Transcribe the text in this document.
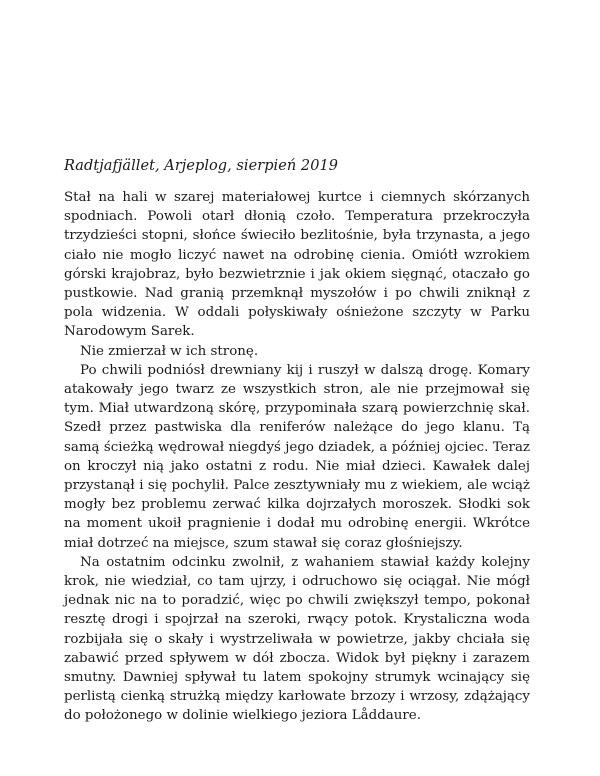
Radtjafjället, Arjeplog, sierpień 2019

Stał na hali w szarej materiałowej kurtce i ciemnych skórzanych spodniach. Powoli otarł dłonią czoło. Temperatura przekroczyła trzydzieści stopni, słońce świeciło bezlitośnie, była trzynasta, a jego ciało nie mogło liczyć nawet na odrobinę cienia. Omiótł wzrokiem górski krajobraz, było bezwietrznie i jak okiem sięgnąć, otaczało go pustkowie. Nad granią przemknął myszołów i po chwili zniknął z pola widzenia. W oddali połyskiwały ośnieżone szczyty w Parku Narodowym Sarek.

Nie zmierzał w ich stronę.

Po chwili podniósł drewniany kij i ruszył w dalszą drogę. Komary atakowały jego twarz ze wszystkich stron, ale nie przejmował się tym. Miał utwardzoną skórę, przypominała szarą powierzchnię skał. Szedł przez pastwiska dla reniferów należące do jego klanu. Tą samą ścieżką wędrował niegdyś jego dziadek, a później ojciec. Teraz on kroczył nią jako ostatni z rodu. Nie miał dzieci. Kawałek dalej przystanął i się pochylił. Palce zesztywniały mu z wiekiem, ale wciąż mogły bez problemu zerwać kilka dojrzałych moroszek. Słodki sok na moment ukoił pragnienie i dodał mu odrobinę energii. Wkrótce miał dotrzeć na miejsce, szum stawał się coraz głośniejszy.

Na ostatnim odcinku zwolnił, z wahaniem stawiał każdy kolejny krok, nie wiedział, co tam ujrzy, i odruchowo się ociągał. Nie mógł jednak nic na to poradzić, więc po chwili zwiększył tempo, pokonał resztę drogi i spojrzał na szeroki, rwący potok. Krystaliczna woda rozbijała się o skały i wystrzeliwała w powietrze, jakby chciała się zabawić przed spływem w dół zbocza. Widok był piękny i zarazem smutny. Dawniej spływał tu latem spokojny strumyk wcinający się perlistą cienką strużką między karłowate brzozy i wrzosy, zdążający do położonego w dolinie wielkiego jeziora Låddaure.
